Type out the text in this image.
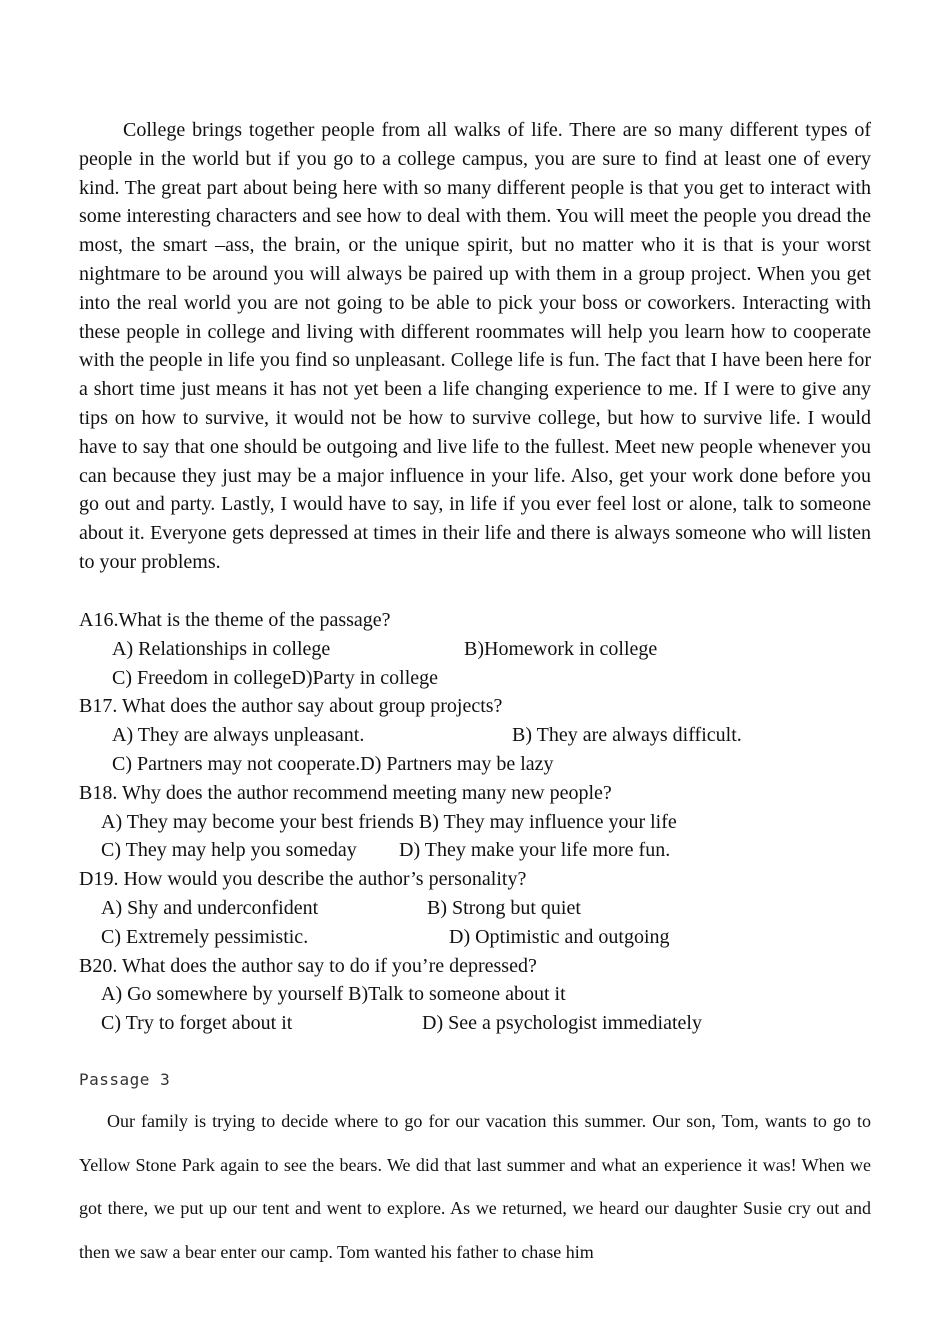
College brings together people from all walks of life. There are so many different types of people in the world but if you go to a college campus, you are sure to find at least one of every kind. The great part about being here with so many different people is that you get to interact with some interesting characters and see how to deal with them. You will meet the people you dread the most, the smart –ass, the brain, or the unique spirit, but no matter who it is that is your worst nightmare to be around you will always be paired up with them in a group project. When you get into the real world you are not going to be able to pick your boss or coworkers. Interacting with these people in college and living with different roommates will help you learn how to cooperate with the people in life you find so unpleasant. College life is fun. The fact that I have been here for a short time just means it has not yet been a life changing experience to me. If I were to give any tips on how to survive, it would not be how to survive college, but how to survive life. I would have to say that one should be outgoing and live life to the fullest. Meet new people whenever you can because they just may be a major influence in your life. Also, get your work done before you go out and party. Lastly, I would have to say, in life if you ever feel lost or alone, talk to someone about it. Everyone gets depressed at times in their life and there is always someone who will listen to your problems.

A16.What is the theme of the passage?
A) Relationships in college	B)Homework in college
C) Freedom in collegeD)Party in college
B17. What does the author say about group projects?
A) They are always unpleasant.	B) They are always difficult.
C) Partners may not cooperate.D) Partners may be lazy
B18. Why does the author recommend meeting many new people?
A) They may become your best friends B) They may influence your life
C) They may help you someday D) They make your life more fun.
D19. How would you describe the author’s personality?
A) Shy and underconfident	B) Strong but quiet
C) Extremely pessimistic.	D) Optimistic and outgoing
B20. What does the author say to do if you’re depressed?
A) Go somewhere by yourself B)Talk to someone about it
C) Try to forget about it	D) See a psychologist immediately
Passage 3

Our family is trying to decide where to go for our vacation this summer. Our son, Tom, wants to go to Yellow Stone Park again to see the bears. We did that last summer and what an experience it was! When we got there, we put up our tent and went to explore. As we returned, we heard our daughter Susie cry out and then we saw a bear enter our camp. Tom wanted his father to chase him
